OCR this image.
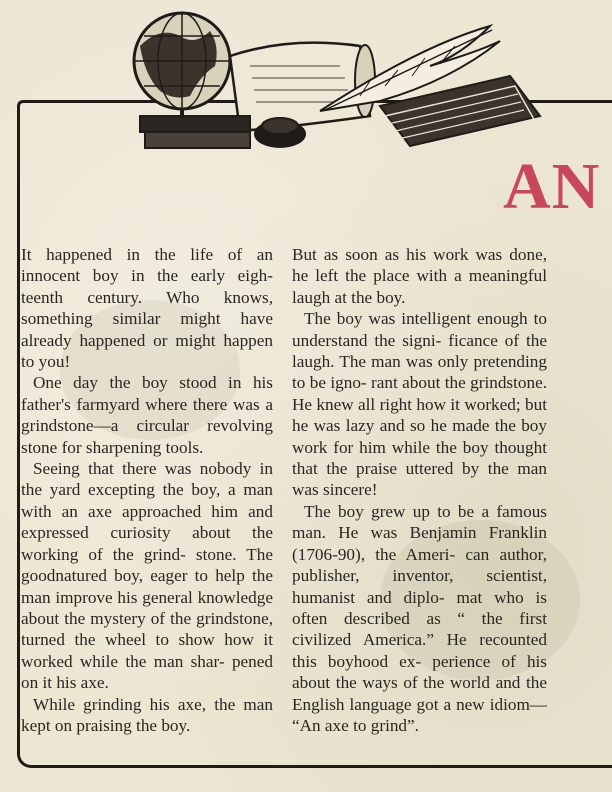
AN

It happened in the life of an innocent boy in the early eigh- teenth century. Who knows, something similar might have already happened or might happen to you!

One day the boy stood in his father's farmyard where there was a grindstone—a circular revolving stone for sharpening tools.

Seeing that there was nobody in the yard excepting the boy, a man with an axe approached him and expressed curiosity about the working of the grind- stone. The goodnatured boy, eager to help the man improve his general knowledge about the mystery of the grindstone, turned the wheel to show how it worked while the man shar- pened on it his axe.

While grinding his axe, the man kept on praising the boy.

But as soon as his work was done, he left the place with a meaningful laugh at the boy.

The boy was intelligent enough to understand the signi- ficance of the laugh. The man was only pretending to be igno- rant about the grindstone. He knew all right how it worked; but he was lazy and so he made the boy work for him while the boy thought that the praise uttered by the man was sincere!

The boy grew up to be a famous man. He was Benjamin Franklin (1706-90), the Ameri- can author, publisher, inventor, scientist, humanist and diplo- mat who is often described as “ the first civilized America.” He recounted this boyhood ex- perience of his about the ways of the world and the English language got a new idiom— “An axe to grind”.
